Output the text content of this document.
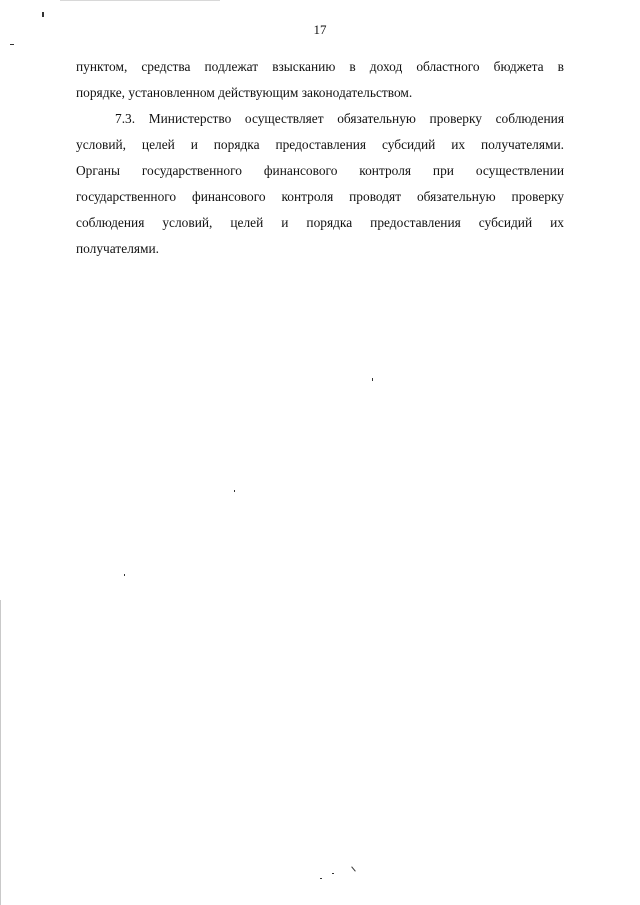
17
пунктом, средства подлежат взысканию в доход областного бюджета в
порядке, установленном действующим законодательством.
7.3. Министерство осуществляет обязательную проверку соблюдения
условий, целей и порядка предоставления субсидий их получателями.
Органы государственного финансового контроля при осуществлении
государственного финансового контроля проводят обязательную проверку
соблюдения условий, целей и порядка предоставления субсидий их
получателями.
